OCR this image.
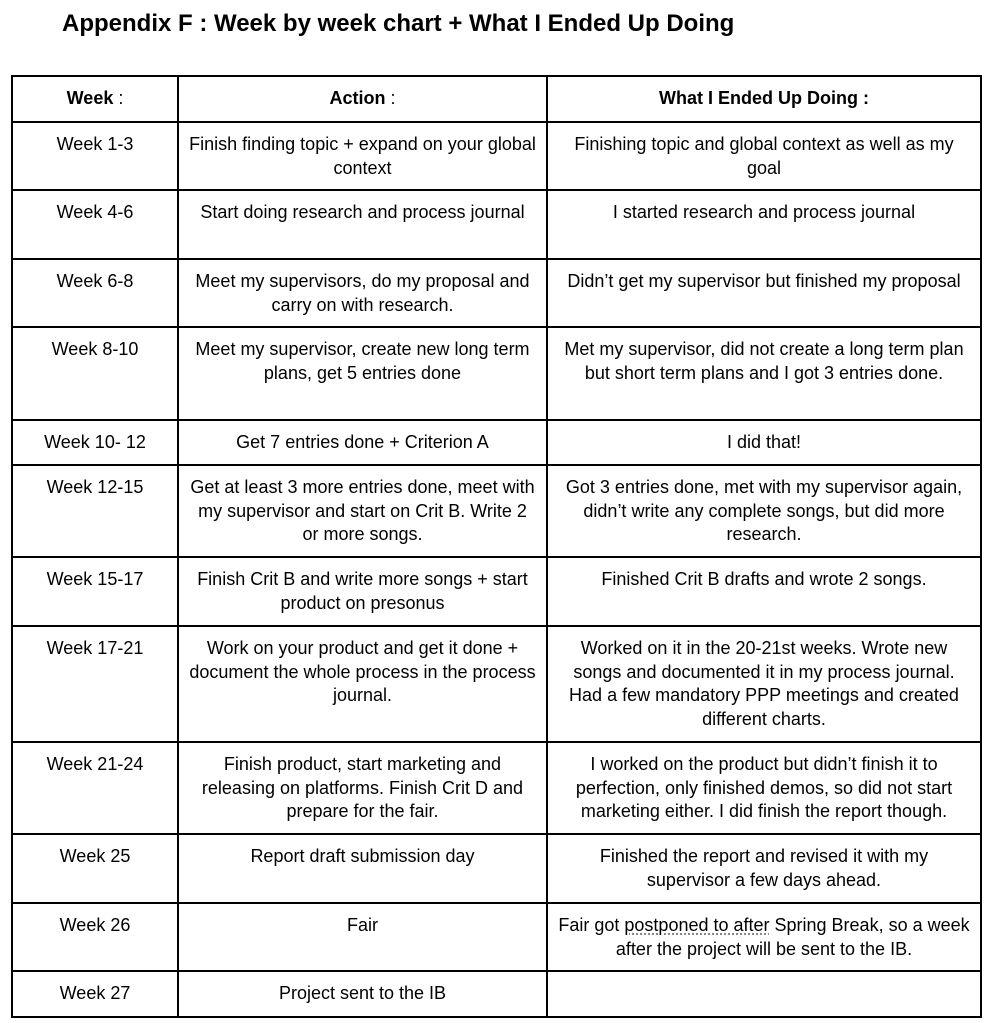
Appendix F : Week by week chart + What I Ended Up Doing
Week :	Action :	What I Ended Up Doing :
Week 1-3	Finish finding topic + expand on your global context	Finishing topic and global context as well as my goal
Week 4-6	Start doing research and process journal	I started research and process journal
Week 6-8	Meet my supervisors, do my proposal and carry on with research.	Didn’t get my supervisor but finished my proposal
Week 8-10	Meet my supervisor, create new long term plans, get 5 entries done	Met my supervisor, did not create a long term plan but short term plans and I got 3 entries done.
Week 10- 12	Get 7 entries done + Criterion A	I did that!
Week 12-15	Get at least 3 more entries done, meet with my supervisor and start on Crit B. Write 2 or more songs.	Got 3 entries done, met with my supervisor again, didn’t write any complete songs, but did more research.
Week 15-17	Finish Crit B and write more songs + start product on presonus	Finished Crit B drafts and wrote 2 songs.
Week 17-21	Work on your product and get it done + document the whole process in the process journal.	Worked on it in the 20-21st weeks. Wrote new songs and documented it in my process journal. Had a few mandatory PPP meetings and created different charts.
Week 21-24	Finish product, start marketing and releasing on platforms. Finish Crit D and prepare for the fair.	I worked on the product but didn’t finish it to perfection, only finished demos, so did not start marketing either. I did finish the report though.
Week 25	Report draft submission day	Finished the report and revised it with my supervisor a few days ahead.
Week 26	Fair	Fair got postponed to after Spring Break, so a week after the project will be sent to the IB.
Week 27	Project sent to the IB	
